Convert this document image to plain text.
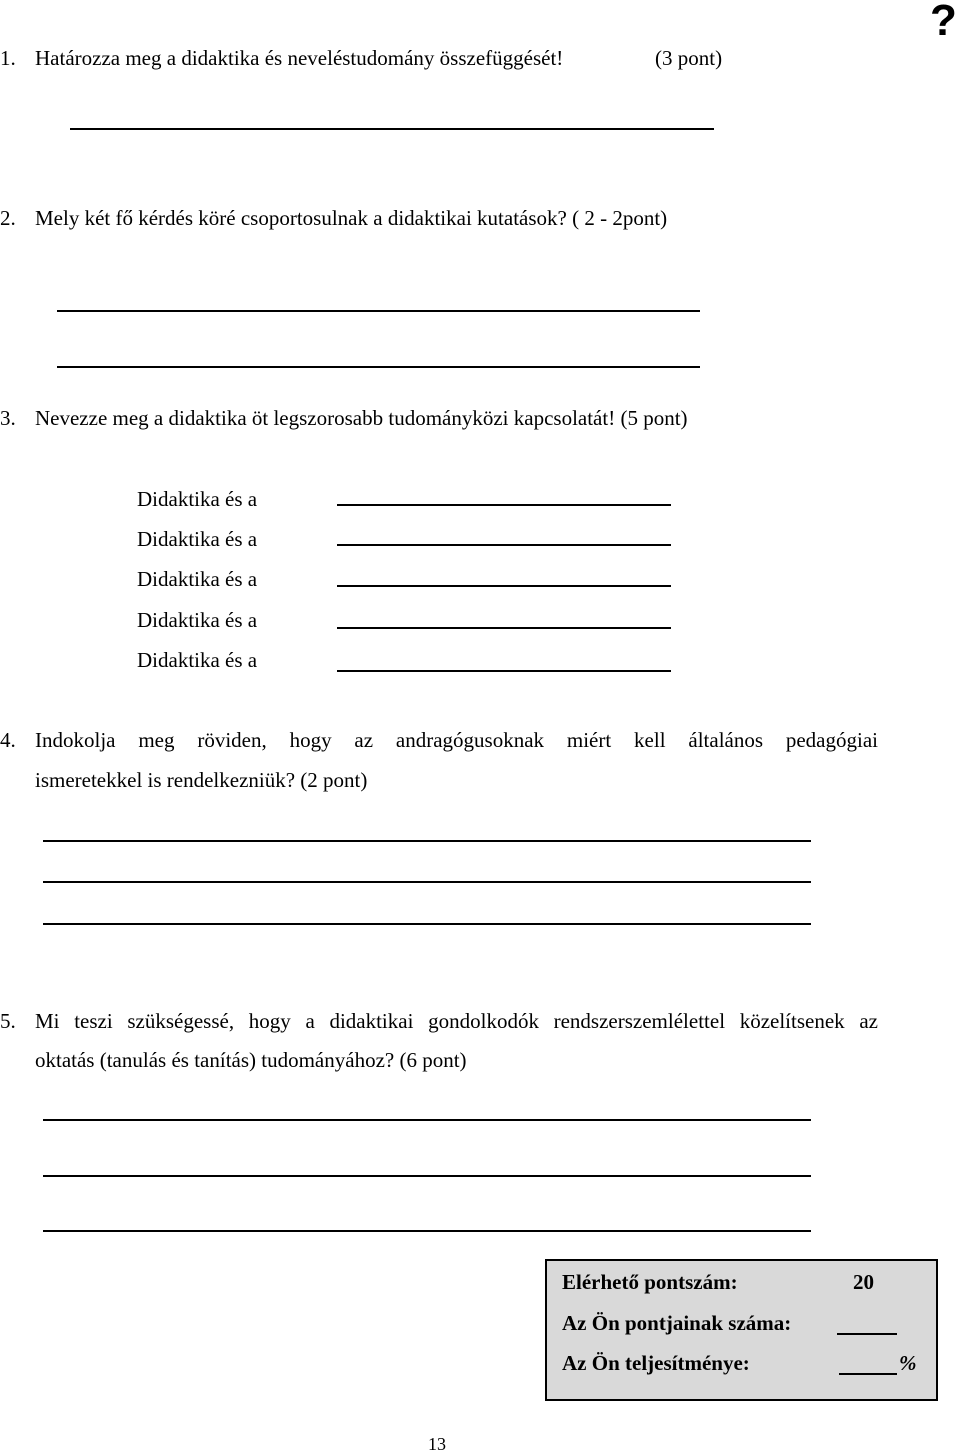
?
1. Határozza meg a didaktika és neveléstudomány összefüggését!	(3 pont)
2. Mely két fő kérdés köré csoportosulnak a didaktikai kutatások? ( 2 - 2pont)
3. Nevezze meg a didaktika öt legszorosabb tudományközi kapcsolatát! (5 pont)
Didaktika és a
Didaktika és a
Didaktika és a
Didaktika és a
Didaktika és a
4. Indokolja meg röviden, hogy az andragógusoknak miért kell általános pedagógiai
ismeretekkel is rendelkezniük? (2 pont)
5. Mi teszi szükségessé, hogy a didaktikai gondolkodók rendszerszemlélettel közelítsenek az
oktatás (tanulás és tanítás) tudományához? (6 pont)
Elérhető pontszám:	20
Az Ön pontjainak száma:
Az Ön teljesítménye:	%
13
